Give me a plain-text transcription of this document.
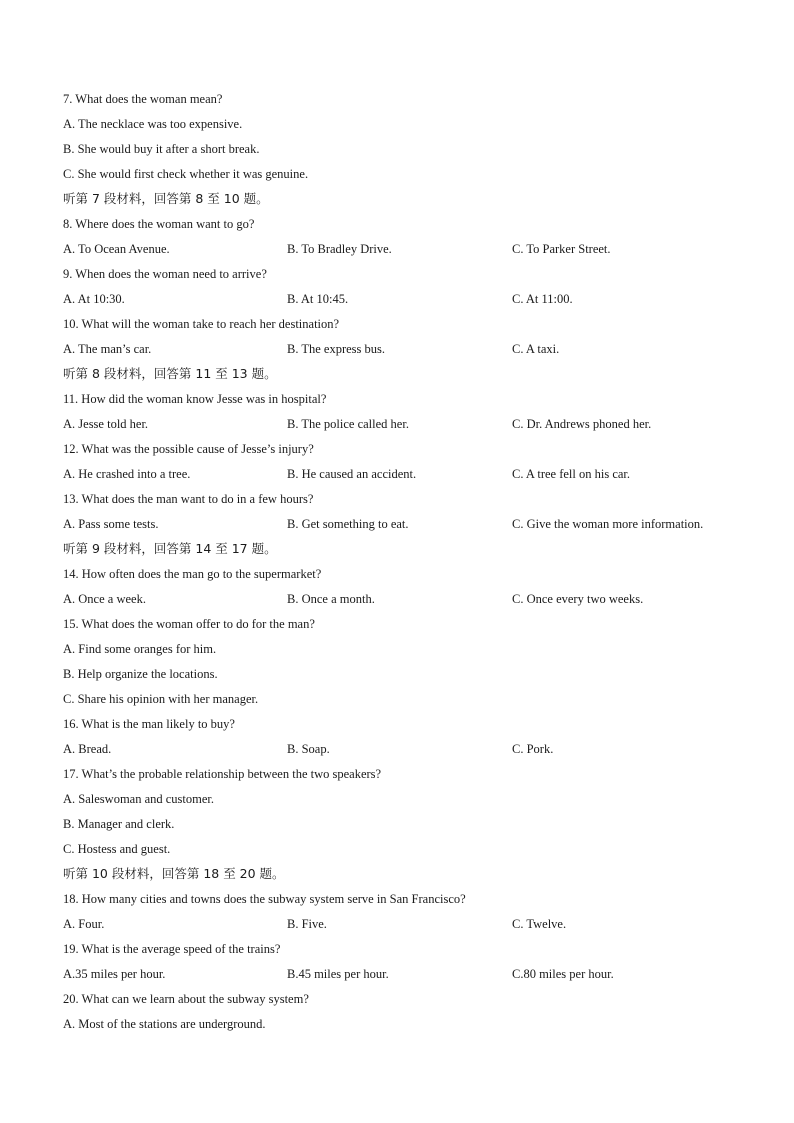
7. What does the woman mean?
A. The necklace was too expensive.
B. She would buy it after a short break.
C. She would first check whether it was genuine.
听第 7 段材料，回答第 8 至 10 题。
8. Where does the woman want to go?
A. To Ocean Avenue.	B. To Bradley Drive.	C. To Parker Street.
9. When does the woman need to arrive?
A. At 10:30.	B. At 10:45.	C. At 11:00.
10. What will the woman take to reach her destination?
A. The man’s car.	B. The express bus.	C. A taxi.
听第 8 段材料，回答第 11 至 13 题。
11. How did the woman know Jesse was in hospital?
A. Jesse told her.	B. The police called her.	C. Dr. Andrews phoned her.
12. What was the possible cause of Jesse’s injury?
A. He crashed into a tree.	B. He caused an accident.	C. A tree fell on his car.
13. What does the man want to do in a few hours?
A. Pass some tests.	B. Get something to eat.	C. Give the woman more information.
听第 9 段材料，回答第 14 至 17 题。
14. How often does the man go to the supermarket?
A. Once a week.	B. Once a month.	C. Once every two weeks.
15. What does the woman offer to do for the man?
A. Find some oranges for him.
B. Help organize the locations.
C. Share his opinion with her manager.
16. What is the man likely to buy?
A. Bread.	B. Soap.	C. Pork.
17. What’s the probable relationship between the two speakers?
A. Saleswoman and customer.
B. Manager and clerk.
C. Hostess and guest.
听第 10 段材料，回答第 18 至 20 题。
18. How many cities and towns does the subway system serve in San Francisco?
A. Four.	B. Five.	C. Twelve.
19. What is the average speed of the trains?
A.35 miles per hour.	B.45 miles per hour.	C.80 miles per hour.
20. What can we learn about the subway system?
A. Most of the stations are underground.
